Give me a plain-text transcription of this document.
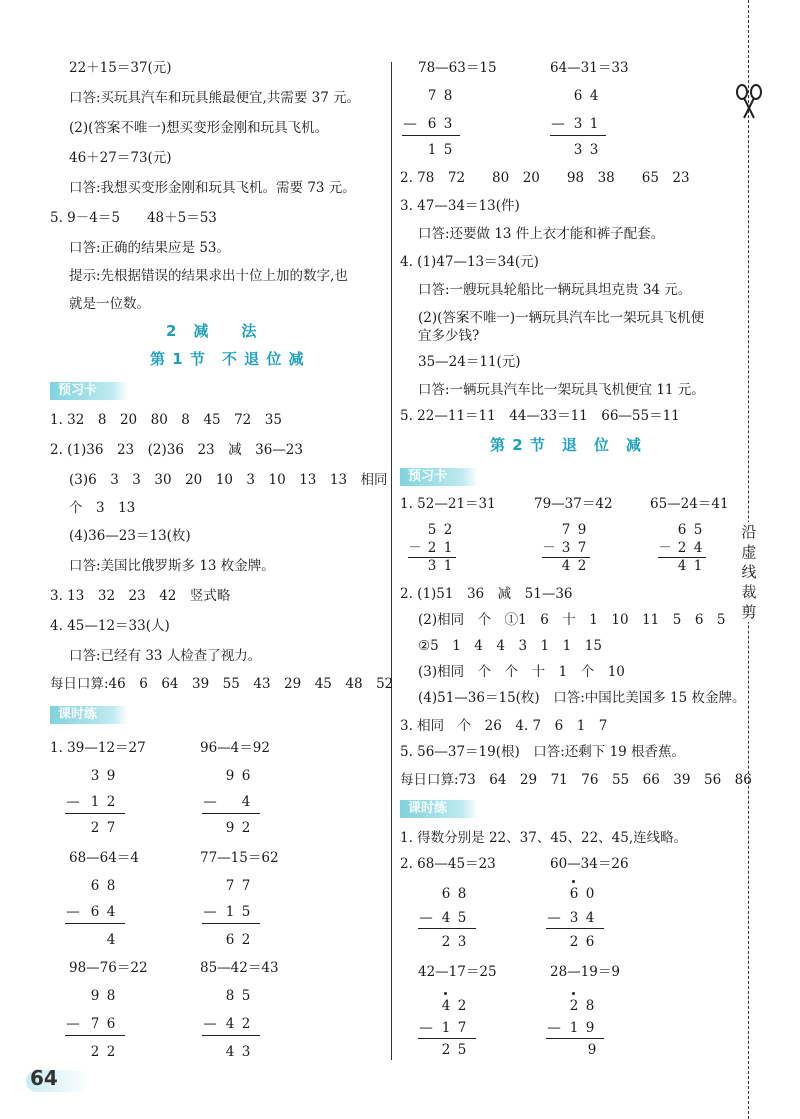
沿虚线裁剪
64
22＋15＝37(元)
口答:买玩具汽车和玩具熊最便宜,共需要 37 元。
(2)(答案不唯一)想买变形金刚和玩具飞机。
46＋27＝73(元)
口答:我想买变形金刚和玩具飞机。需要 73 元。
5. 9－4＝5　　48＋5＝53
口答:正确的结果应是 53。
提示:先根据错误的结果求出十位上加的数字,也
就是一位数。
2　减　　法
第 1 节　不 退 位 减
预习卡
1. 32　8　20　80　8　45　72　35
2. (1)36　23　(2)36　23　减　36—23
(3)6　3　3　30　20　10　3　10　13　13　相同
个　3　13
(4)36—23＝13(枚)
口答:美国比俄罗斯多 13 枚金牌。
3. 13　32　23　42　竖式略
4. 45—12＝33(人)
口答:已经有 33 人检查了视力。
每日口算:46　6　64　39　55　43　29　45　48　52
课时练
1. 39—12＝27	96—4＝92
3 9
— 1 2
2 7
9 6
— 4
9 2
68—64＝4	77—15＝62
6 8
— 6 4
4
7 7
— 1 5
6 2
98—76＝22	85—42＝43
9 8
— 7 6
2 2
8 5
— 4 2
4 3
78—63＝15	64—31＝33
7 8
— 6 3
1 5
6 4
— 3 1
3 3
2. 78　72　　80　20　　98　38　　65　23
3. 47—34＝13(件)
口答:还要做 13 件上衣才能和裤子配套。
4. (1)47—13＝34(元)
口答:一艘玩具轮船比一辆玩具坦克贵 34 元。
(2)(答案不唯一)一辆玩具汽车比一架玩具飞机便
宜多少钱?
35—24＝11(元)
口答:一辆玩具汽车比一架玩具飞机便宜 11 元。
5. 22—11＝11　44—33＝11　66—55＝11
第 2 节　退　位　减
预习卡
1. 52—21＝31	79—37＝42	65—24＝41
5 2
－ 2 1
3 1
7 9
－ 3 7
4 2
6 5
－ 2 4
4 1
2. (1)51　36　减　51—36
(2)相同　个　①1　6　十　1　10　11　5　6　5
②5　1　4　4　3　1　1　15
(3)相同　个　个　十　1　个　10
(4)51—36＝15(枚)　口答:中国比美国多 15 枚金牌。
3. 相同　个　26　4. 7　6　1　7
5. 56—37＝19(根)　口答:还剩下 19 根香蕉。
每日口算:73　64　29　71　76　55　66　39　56　86
课时练
1. 得数分别是 22、37、45、22、45,连线略。
2. 68—45＝23	60—34＝26
6 8
— 4 5
2 3
6 0
— 3 4
2 6
42—17＝25	28—19＝9
4 2
— 1 7
2 5
2 8
— 1 9
9
